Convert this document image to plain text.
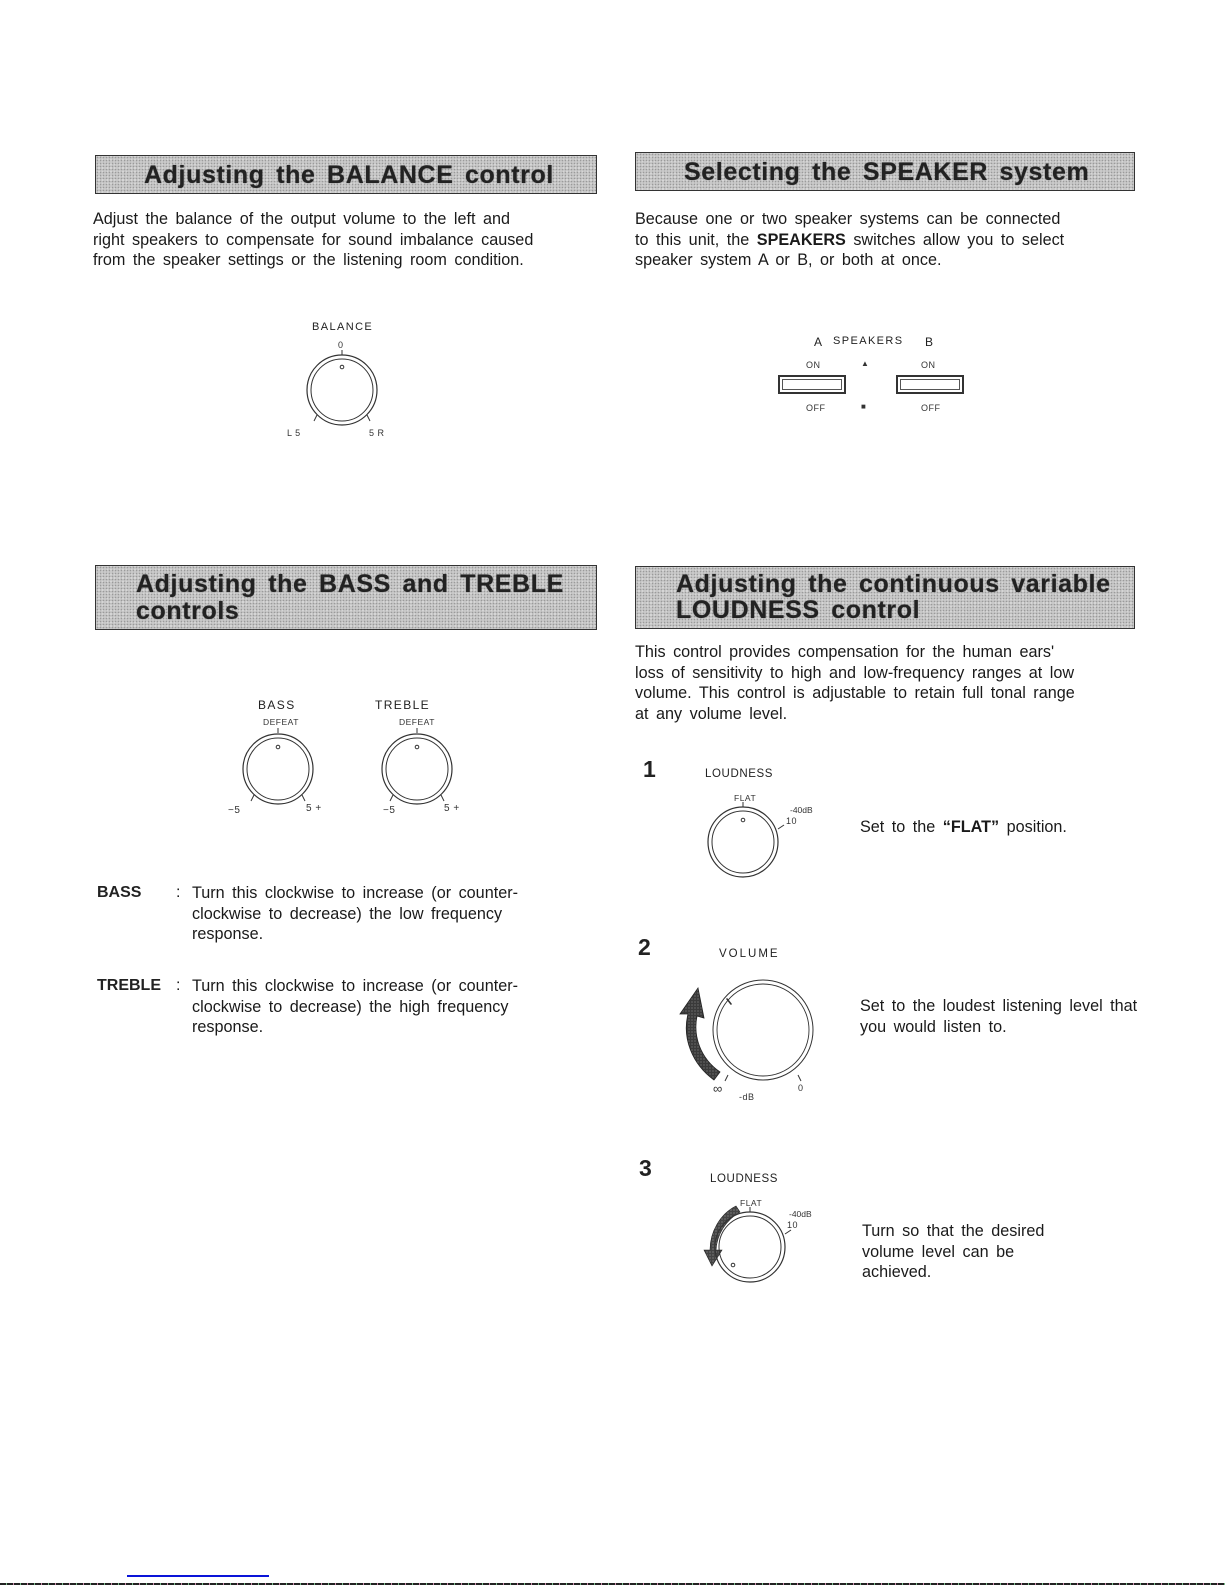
Adjusting the BALANCE control
Adjust the balance of the output volume to the left and
right speakers to compensate for sound imbalance caused
from the speaker settings or the listening room condition.
BALANCE
0
L 5	5 R
Selecting the SPEAKER system
Because one or two speaker systems can be connected
to this unit, the SPEAKERS switches allow you to select
speaker system A or B, or both at once.
A SPEAKERS B
ON	▲	ON
OFF	■	OFF
Adjusting the BASS and TREBLE
controls
BASS
DEFEAT
−5	5 +
TREBLE
DEFEAT
−5	5 +
BASS : Turn this clockwise to increase (or counter-
clockwise to decrease) the low frequency
response.
TREBLE : Turn this clockwise to increase (or counter-
clockwise to decrease) the high frequency
response.
Adjusting the continuous variable
LOUDNESS control
This control provides compensation for the human ears'
loss of sensitivity to high and low-frequency ranges at low
volume. This control is adjustable to retain full tonal range
at any volume level.
1	LOUDNESS
FLAT
-40dB
10	Set to the “FLAT” position.
2	VOLUME
∞	0
-dB
Set to the loudest listening level that
you would listen to.
3	LOUDNESS
FLAT
-40dB
10	Turn so that the desired
volume level can be
achieved.
